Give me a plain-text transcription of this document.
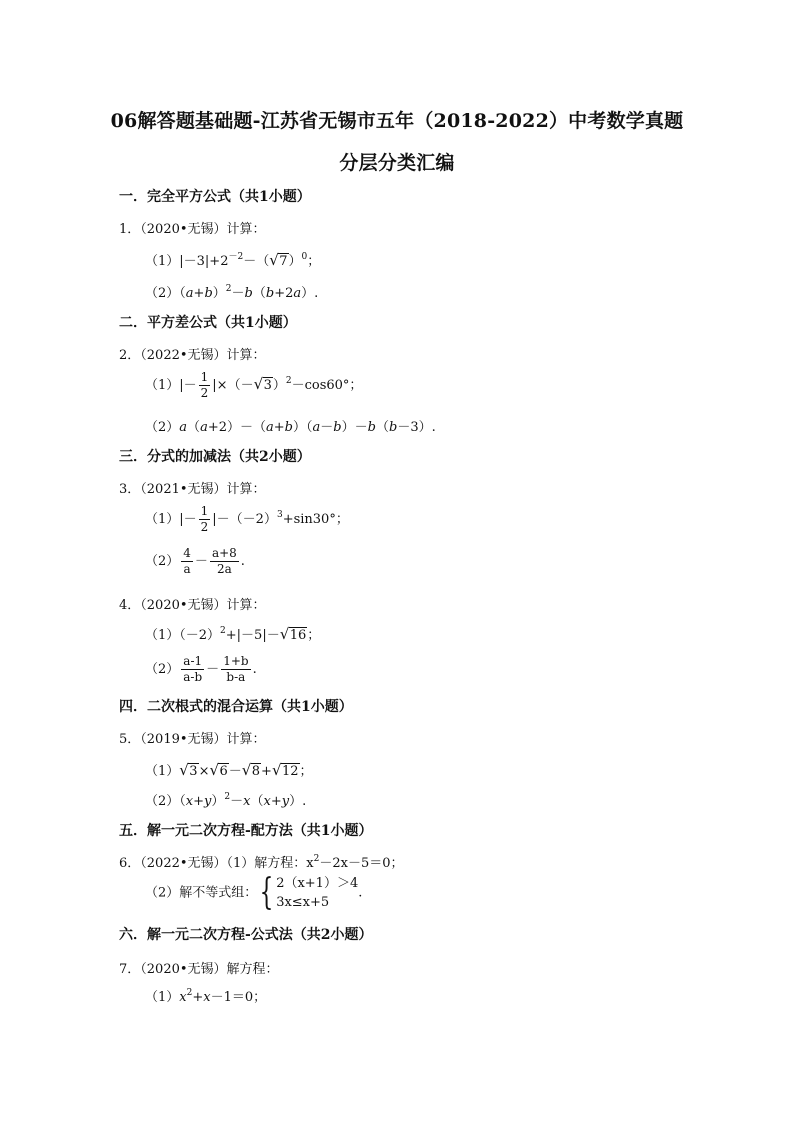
06解答题基础题-江苏省无锡市五年（2018-2022）中考数学真题
分层分类汇编
一．完全平方公式（共1小题）
1．（2020•无锡）计算：
$(1)|-3|+2^{-2}-$（ √ 7）$^0$；
$(2)(a+b)^2-b(b+2a)$.
二．平方差公式（共1小题）
2．（2022•无锡）计算：
$(1)|- \frac{1}{2}$ |×（－ √ 3）$^2$－cos60°；
（2）a（a+2）－（a+b）（a－b）－b（b－3）.
三．分式的加减法（共2小题）
3．（2021•无锡）计算：
$(1)|- \frac{1}{2} |-(-2)^3+\sin 30^\circ$；
$(2) \frac{4}{a} - \frac{a+8}{2a}$ .
4．（2020•无锡）计算：
$(1)(-2)^2+|-5|-$ √ 16；
$(2) \frac{a-1}{a-b} - \frac{1+b}{b-a}$ .
四．二次根式的混合运算（共1小题）
5．（2019•无锡）计算：
（1） √ 3× √ 6－ √ 8+ √ 12；
$(2)(x+y)^2-x(x+y)$.
五．解一元二次方程-配方法（共1小题）
6．（2022•无锡）（1）解方程：$x^2-2x-5=0$；
（2）解不等式组：{ 2（x+1）＞4
3x≤x+5
.
六．解一元二次方程-公式法（共2小题）
7．（2020•无锡）解方程：
$(1)x^2+x-1=0$；
